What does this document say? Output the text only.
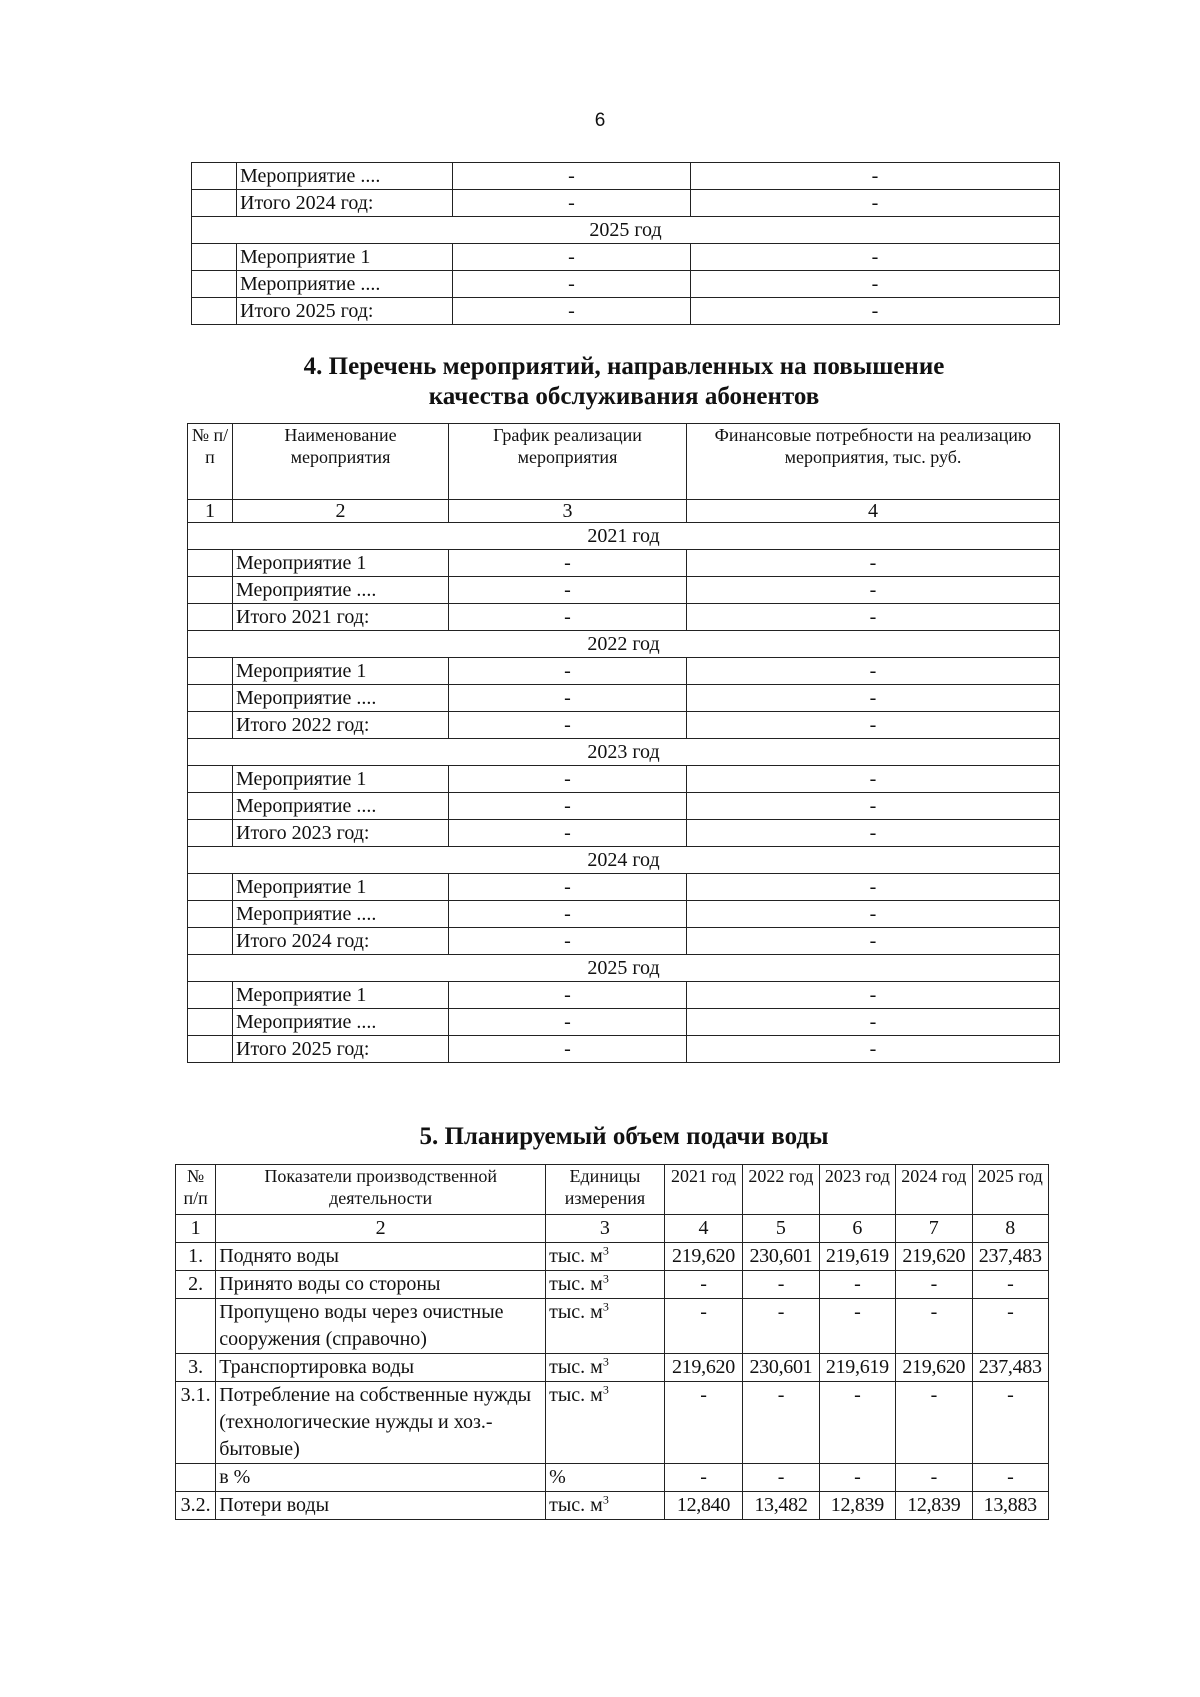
6
	Мероприятие ....	-	-
	Итого 2024 год:	-	-
2025 год			
	Мероприятие 1	-	-
	Мероприятие ....	-	-
	Итого 2025 год:	-	-
4. Перечень мероприятий, направленных на повышение
качества обслуживания абонентов
№ п/п	Наименование мероприятия	График реализации мероприятия	Финансовые потребности на реализацию мероприятия, тыс. руб.
1	2	3	4
2021 год			
	Мероприятие 1	-	-
	Мероприятие ....	-	-
	Итого 2021 год:	-	-
2022 год			
	Мероприятие 1	-	-
	Мероприятие ....	-	-
	Итого 2022 год:	-	-
2023 год			
	Мероприятие 1	-	-
	Мероприятие ....	-	-
	Итого 2023 год:	-	-
2024 год			
	Мероприятие 1	-	-
	Мероприятие ....	-	-
	Итого 2024 год:	-	-
2025 год			
	Мероприятие 1	-	-
	Мероприятие ....	-	-
	Итого 2025 год:	-	-
5. Планируемый объем подачи воды
№ п/п	Показатели производственной деятельности	Единицы измерения	2021 год	2022 год	2023 год	2024 год	2025 год
1	2	3	4	5	6	7	8
1.	Поднято воды	тыс. $м^3$	219,620	230,601	219,619	219,620	237,483
2.	Принято воды со стороны	тыс. $м^3$	-	-	-	-	-
	Пропущено воды через очистные сооружения (справочно)	тыс. $м^3$	-	-	-	-	-
3.	Транспортировка воды	тыс. $м^3$	219,620	230,601	219,619	219,620	237,483
3.1.	Потребление на собственные нужды (технологические нужды и хоз.-бытовые)	тыс. $м^3$	-	-	-	-	-
	в %	%	-	-	-	-	-
3.2.	Потери воды	тыс. $м^3$	12,840	13,482	12,839	12,839	13,883
